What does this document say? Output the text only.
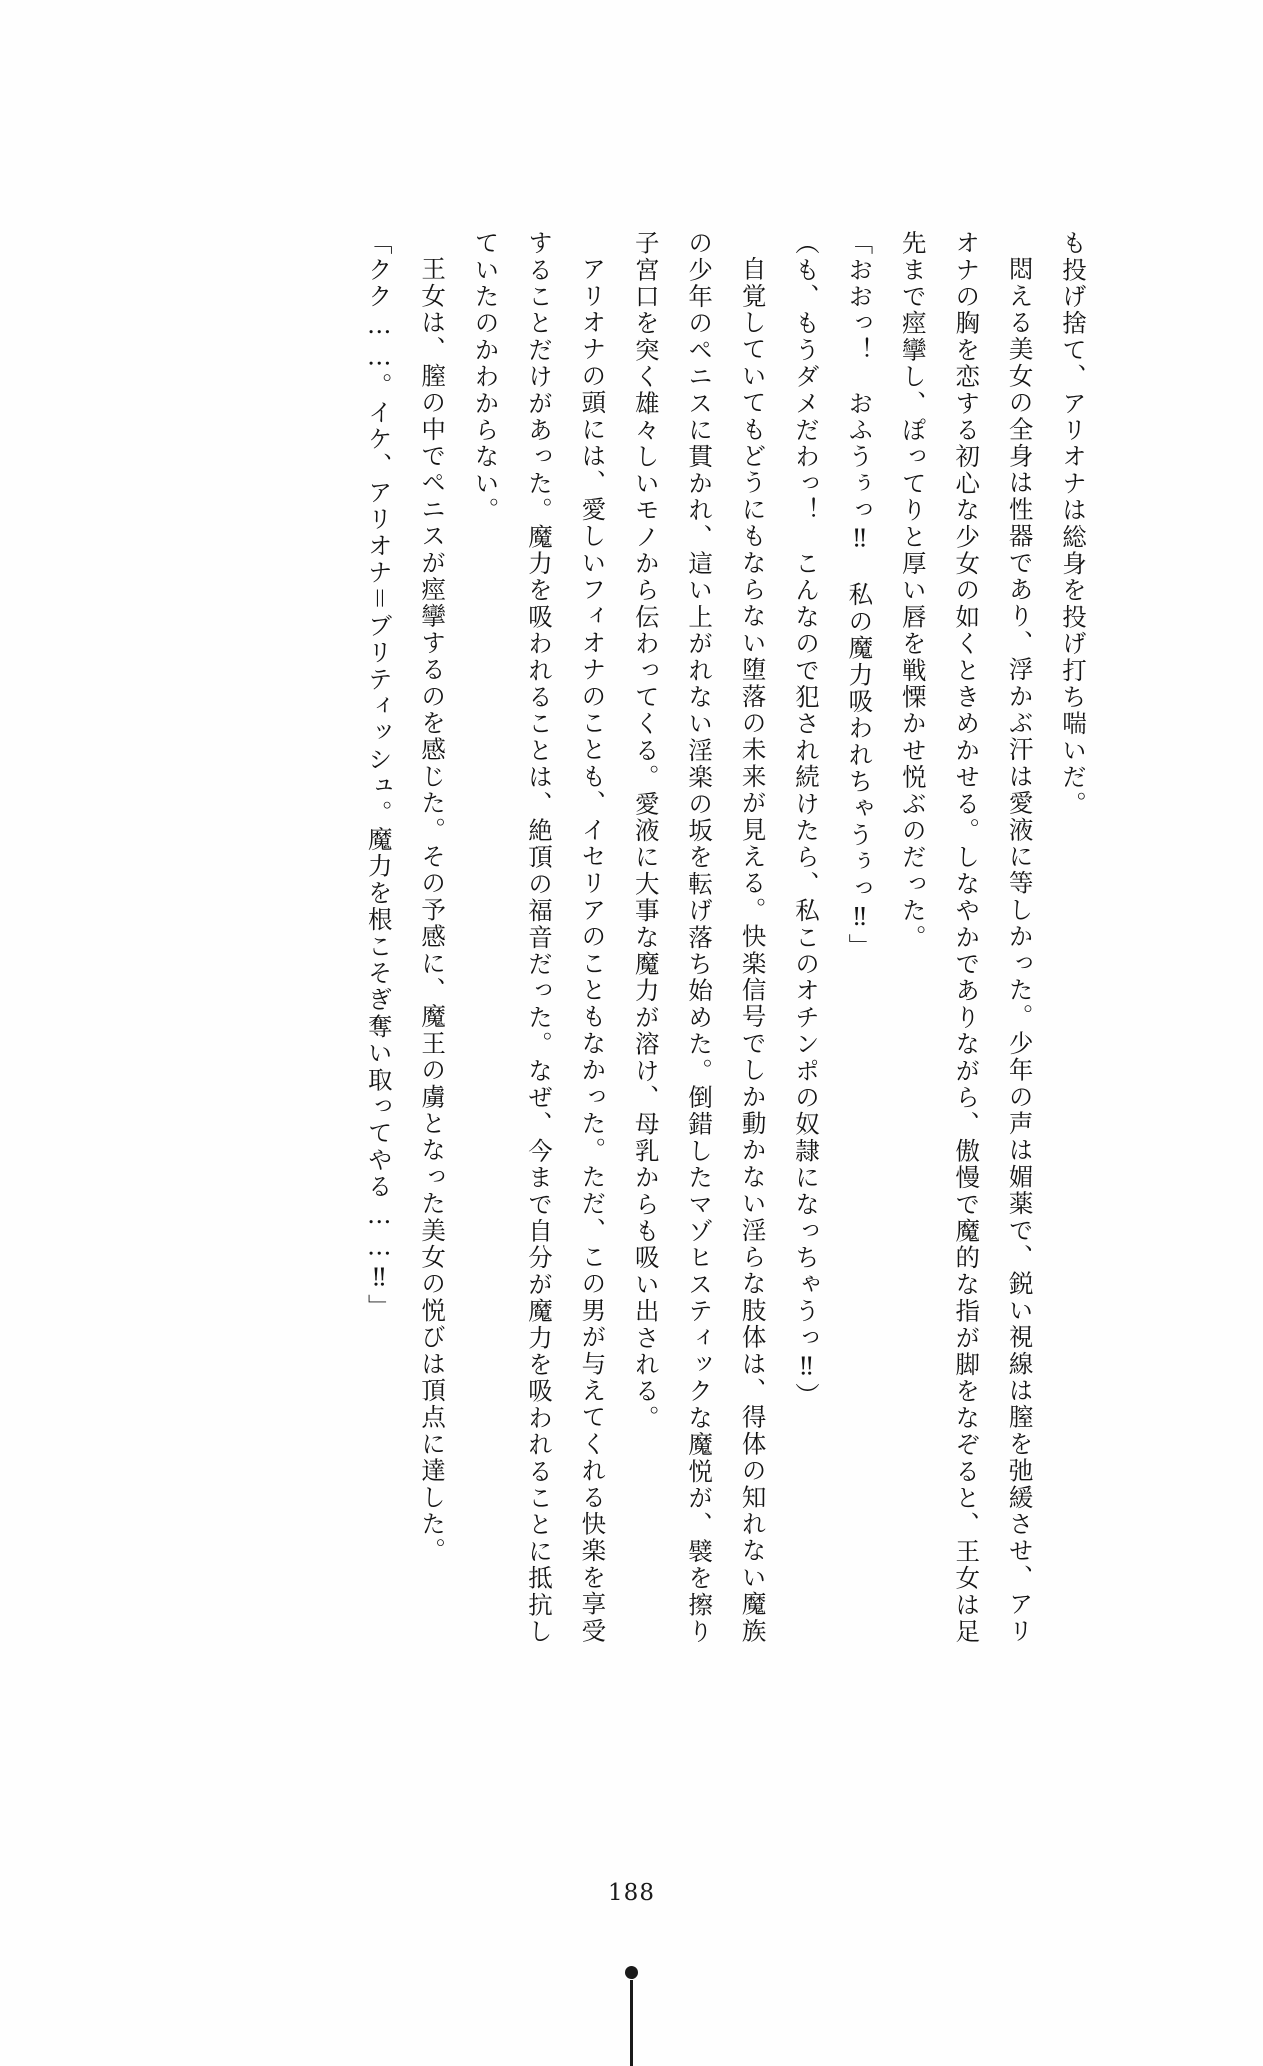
も投げ捨て、アリオナは総身を投げ打ち喘いだ。

悶える美女の全身は性器であり、浮かぶ汗は愛液に等しかった。少年の声は媚薬で、鋭い視線は膣を弛緩させ、アリオナの胸を恋する初心な少女の如くときめかせる。しなやかでありながら、傲慢で魔的な指が脚をなぞると、王女は足先まで痙攣し、ぽってりと厚い唇を戦慄かせ悦ぶのだった。

「おおっ！　おふうぅっ‼　私の魔力吸われちゃうぅっ‼」

（も、もうダメだわっ！　こんなので犯され続けたら、私このオチンポの奴隷になっちゃうっ‼）

自覚していてもどうにもならない堕落の未来が見える。快楽信号でしか動かない淫らな肢体は、得体の知れない魔族の少年のペニスに貫かれ、這い上がれない淫楽の坂を転げ落ち始めた。倒錯したマゾヒスティックな魔悦が、襞を擦り子宮口を突く雄々しいモノから伝わってくる。愛液に大事な魔力が溶け、母乳からも吸い出される。

アリオナの頭には、愛しいフィオナのことも、イセリアのこともなかった。ただ、この男が与えてくれる快楽を享受することだけがあった。魔力を吸われることは、絶頂の福音だった。なぜ、今まで自分が魔力を吸われることに抵抗していたのかわからない。

王女は、膣の中でペニスが痙攣するのを感じた。その予感に、魔王の虜となった美女の悦びは頂点に達した。

「クク……。イケ、アリオナ＝ブリティッシュ。魔力を根こそぎ奪い取ってやる……‼」

188
